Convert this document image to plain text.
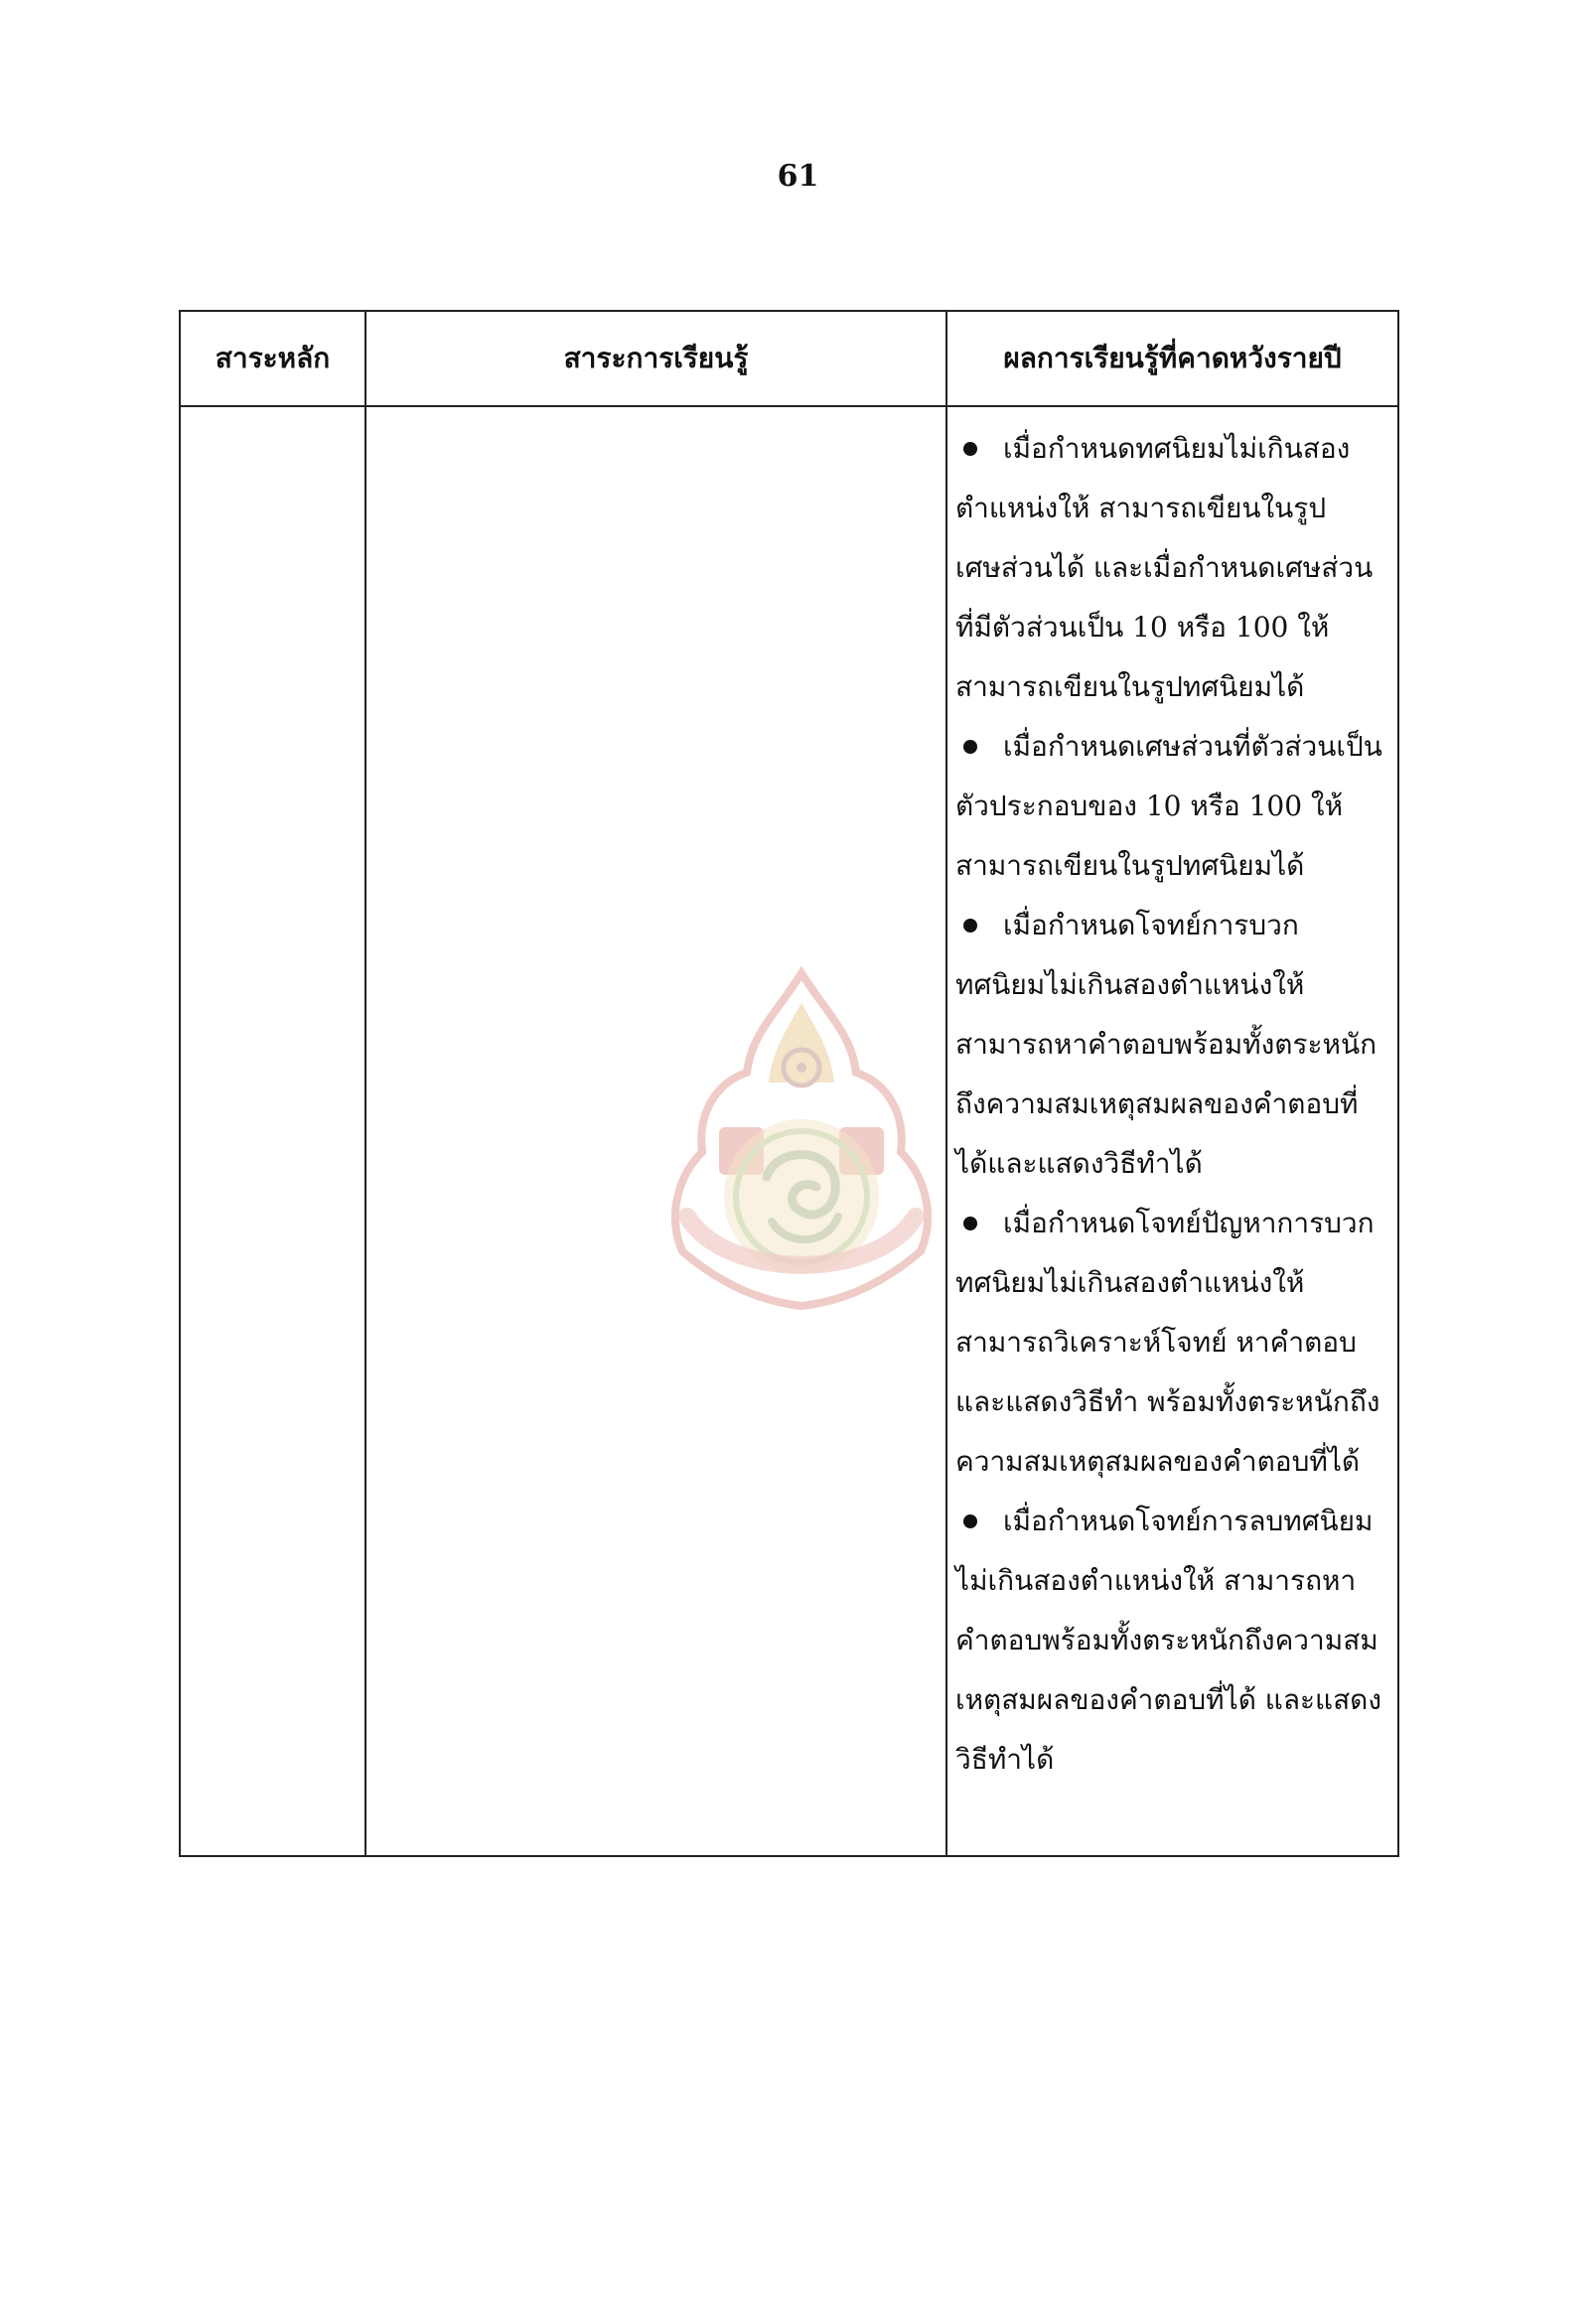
61
สาระหลัก	สาระการเรียนรู้	ผลการเรียนรู้ที่คาดหวังรายปี

		เมื่อกำหนดทศนิยมไม่เกินสองตำแหน่งให้ สามารถเขียนในรูปเศษส่วนได้ และเมื่อกำหนดเศษส่วนที่มีตัวส่วนเป็น 10 หรือ 100 ให้ สามารถเขียนในรูปทศนิยมได้

เมื่อกำหนดเศษส่วนที่ตัวส่วนเป็นตัวประกอบของ 10 หรือ 100 ให้ สามารถเขียนในรูปทศนิยมได้

เมื่อกำหนดโจทย์การบวกทศนิยมไม่เกินสองตำแหน่งให้ สามารถหาคำตอบพร้อมทั้งตระหนักถึงความสมเหตุสมผลของคำตอบที่ได้และแสดงวิธีทำได้

เมื่อกำหนดโจทย์ปัญหาการบวกทศนิยมไม่เกินสองตำแหน่งให้ สามารถวิเคราะห์โจทย์ หาคำตอบ และแสดงวิธีทำ พร้อมทั้งตระหนักถึงความสมเหตุสมผลของคำตอบที่ได้

เมื่อกำหนดโจทย์การลบทศนิยมไม่เกินสองตำแหน่งให้ สามารถหาคำตอบพร้อมทั้งตระหนักถึงความสมเหตุสมผลของคำตอบที่ได้ และแสดงวิธีทำได้
